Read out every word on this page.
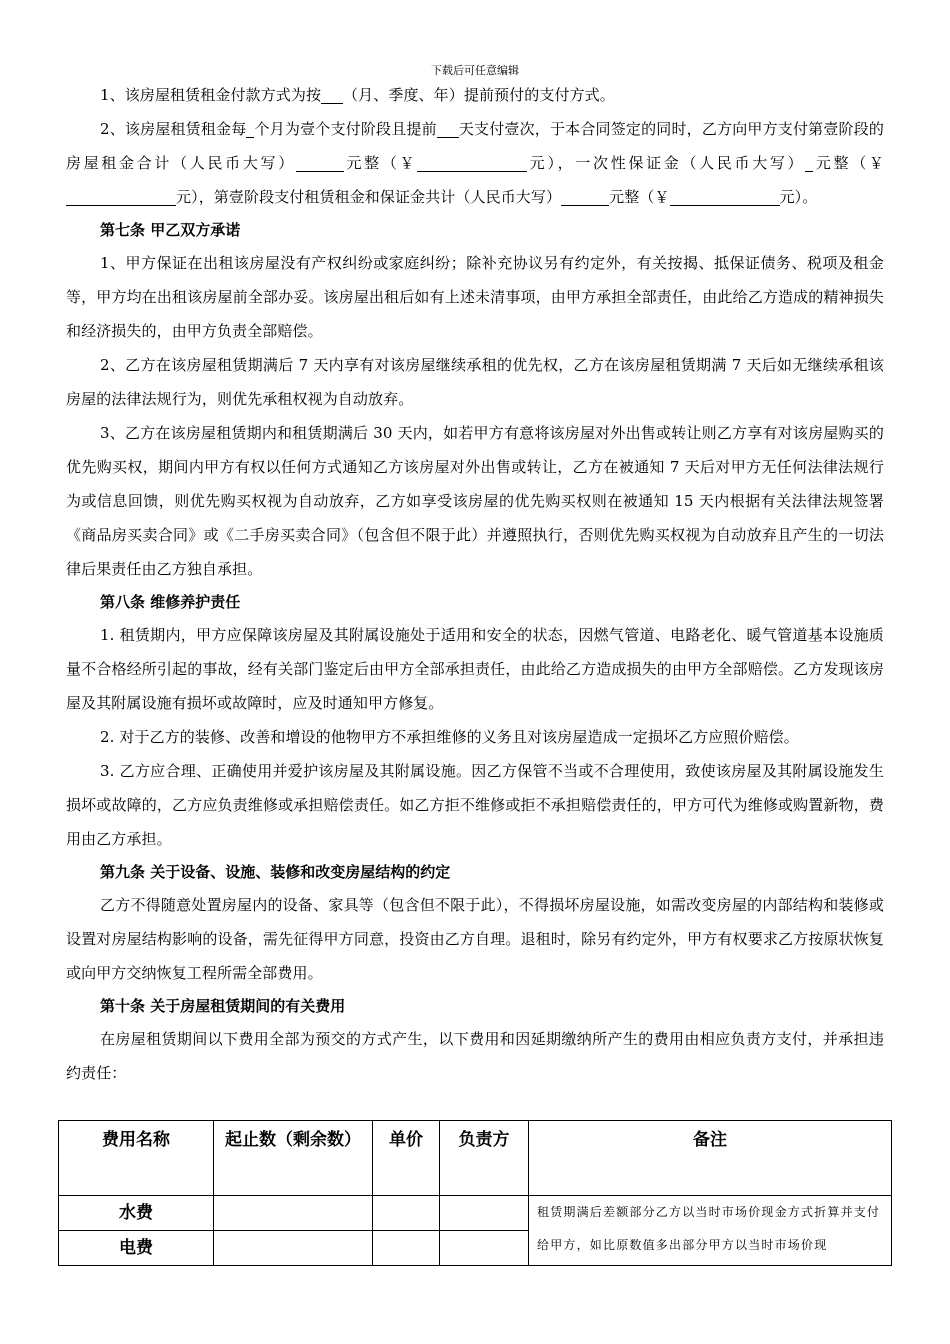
下载后可任意编辑

1、该房屋租赁租金付款方式为按 （月、季度、年）提前预付的支付方式。

2、该房屋租赁租金每 个月为壹个支付阶段且提前 天支付壹次，于本合同签定的同时，乙方向甲方支付第壹阶段的房屋租金合计（人民币大写）	元整（￥	元），一次性保证金（人民币大写） 元整（￥元），第壹阶段支付租赁租金和保证金共计（人民币大写）	元整（￥	元）。

第七条 甲乙双方承诺

1、甲方保证在出租该房屋没有产权纠纷或家庭纠纷；除补充协议另有约定外，有关按揭、抵保证债务、税项及租金等，甲方均在出租该房屋前全部办妥。该房屋出租后如有上述未清事项，由甲方承担全部责任，由此给乙方造成的精神损失和经济损失的，由甲方负责全部赔偿。

2、乙方在该房屋租赁期满后 7 天内享有对该房屋继续承租的优先权，乙方在该房屋租赁期满 7 天后如无继续承租该房屋的法律法规行为，则优先承租权视为自动放弃。

3、乙方在该房屋租赁期内和租赁期满后 30 天内，如若甲方有意将该房屋对外出售或转让则乙方享有对该房屋购买的优先购买权，期间内甲方有权以任何方式通知乙方该房屋对外出售或转让，乙方在被通知 7 天后对甲方无任何法律法规行为或信息回馈，则优先购买权视为自动放弃，乙方如享受该房屋的优先购买权则在被通知 15 天内根据有关法律法规签署《商品房买卖合同》或《二手房买卖合同》（包含但不限于此）并遵照执行，否则优先购买权视为自动放弃且产生的一切法律后果责任由乙方独自承担。

第八条 维修养护责任

1. 租赁期内，甲方应保障该房屋及其附属设施处于适用和安全的状态，因燃气管道、电路老化、暖气管道基本设施质量不合格经所引起的事故，经有关部门鉴定后由甲方全部承担责任，由此给乙方造成损失的由甲方全部赔偿。乙方发现该房屋及其附属设施有损坏或故障时，应及时通知甲方修复。

2. 对于乙方的装修、改善和增设的他物甲方不承担维修的义务且对该房屋造成一定损坏乙方应照价赔偿。

3. 乙方应合理、正确使用并爱护该房屋及其附属设施。因乙方保管不当或不合理使用，致使该房屋及其附属设施发生损坏或故障的，乙方应负责维修或承担赔偿责任。如乙方拒不维修或拒不承担赔偿责任的，甲方可代为维修或购置新物，费用由乙方承担。

第九条 关于设备、设施、装修和改变房屋结构的约定

乙方不得随意处置房屋内的设备、家具等（包含但不限于此），不得损坏房屋设施，如需改变房屋的内部结构和装修或设置对房屋结构影响的设备，需先征得甲方同意，投资由乙方自理。退租时，除另有约定外，甲方有权要求乙方按原状恢复或向甲方交纳恢复工程所需全部费用。

第十条 关于房屋租赁期间的有关费用

在房屋租赁期间以下费用全部为预交的方式产生，以下费用和因延期缴纳所产生的费用由相应负责方支付，并承担违约责任：

费用名称	起止数（剩余数）	单价	负责方	备注
水费				租赁期满后差额部分乙方以当时市场价现金方式折算并支付给甲方，如比原数值多出部分甲方以当时市场价现
电费				
